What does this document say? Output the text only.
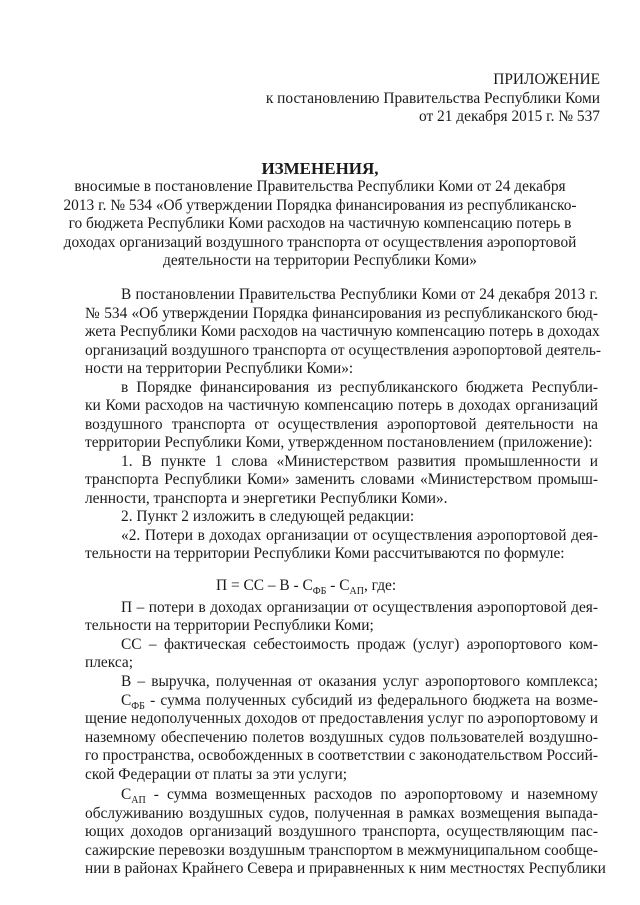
ПРИЛОЖЕНИЕ

к постановлению Правительства Республики Коми

от 21 декабря 2015 г. № 537

ИЗМЕНЕНИЯ,

вносимые в постановление Правительства Республики Коми от 24 декабря

2013 г. № 534 «Об утверждении Порядка финансирования из республиканско-

го бюджета Республики Коми расходов на частичную компенсацию потерь в

доходах организаций воздушного транспорта от осуществления аэропортовой

деятельности на территории Республики Коми»

В постановлении Правительства Республики Коми от 24 декабря 2013 г.

№ 534 «Об утверждении Порядка финансирования из республиканского бюд-

жета Республики Коми расходов на частичную компенсацию потерь в доходах

организаций воздушного транспорта от осуществления аэропортовой деятель-

ности на территории Республики Коми»:

в Порядке финансирования из республиканского бюджета Республи-

ки Коми расходов на частичную компенсацию потерь в доходах организаций

воздушного транспорта от осуществления аэропортовой деятельности на

территории Республики Коми, утвержденном постановлением (приложение):

1. В пункте 1 слова «Министерством развития промышленности и

транспорта Республики Коми» заменить словами «Министерством промыш-

ленности, транспорта и энергетики Республики Коми».

2. Пункт 2 изложить в следующей редакции:

«2. Потери в доходах организации от осуществления аэропортовой дея-

тельности на территории Республики Коми рассчитываются по формуле:

П = СС – В - $С_{ФБ} - С_{АП}$, где:

П – потери в доходах организации от осуществления аэропортовой дея-

тельности на территории Республики Коми;

СС – фактическая себестоимость продаж (услуг) аэропортового ком-

плекса;

В – выручка, полученная от оказания услуг аэропортового комплекса;

$С_{ФБ}$ - сумма полученных субсидий из федерального бюджета на возме-

щение недополученных доходов от предоставления услуг по аэропортовому и

наземному обеспечению полетов воздушных судов пользователей воздушно-

го пространства, освобожденных в соответствии с законодательством Россий-

ской Федерации от платы за эти услуги;

$С_{АП}$ - сумма возмещенных расходов по аэропортовому и наземному

обслуживанию воздушных судов, полученная в рамках возмещения выпада-

ющих доходов организаций воздушного транспорта, осуществляющим пас-

сажирские перевозки воздушным транспортом в межмуниципальном сообще-

нии в районах Крайнего Севера и приравненных к ним местностях Республики
